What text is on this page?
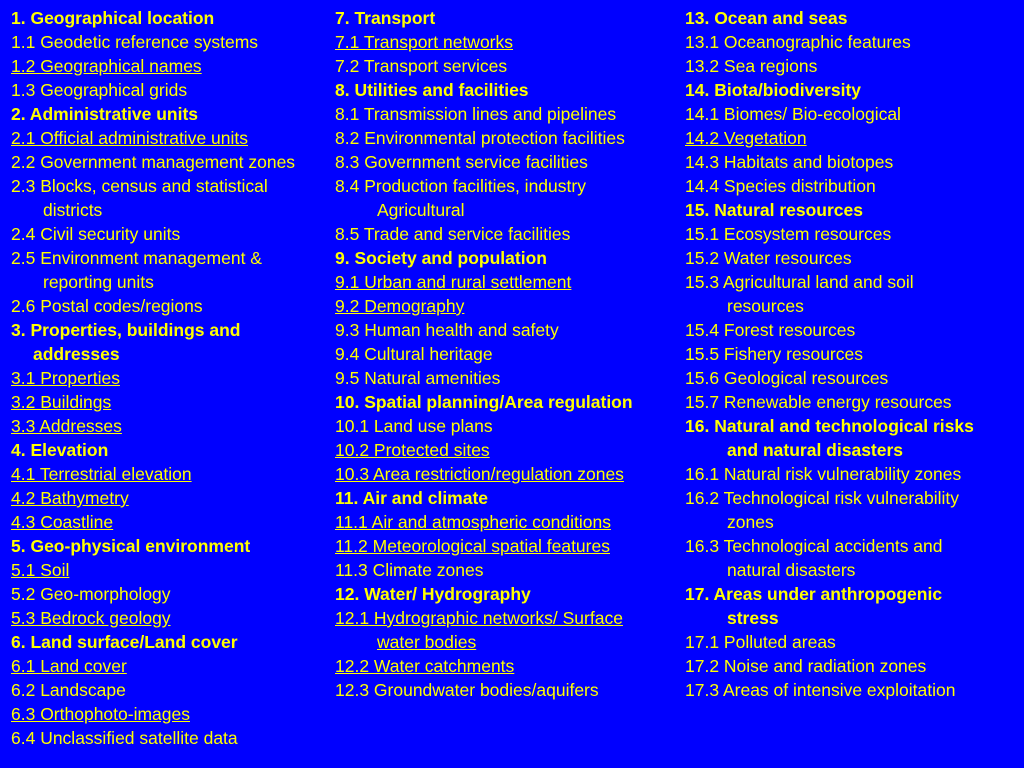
1. Geographical location
1.1 Geodetic reference systems
1.2 Geographical names
1.3 Geographical grids
2. Administrative units
2.1 Official administrative units
2.2 Government management zones
2.3 Blocks, census and statistical
districts
2.4 Civil security units
2.5 Environment management &
reporting units
2.6 Postal codes/regions
3. Properties, buildings and
addresses
3.1 Properties
3.2 Buildings
3.3 Addresses
4. Elevation
4.1 Terrestrial elevation
4.2 Bathymetry
4.3 Coastline
5. Geo-physical environment
5.1 Soil
5.2 Geo-morphology
5.3 Bedrock geology
6. Land surface/Land cover
6.1 Land cover
6.2 Landscape
6.3 Orthophoto-images
6.4 Unclassified satellite data
7. Transport
7.1 Transport networks
7.2 Transport services
8. Utilities and facilities
8.1 Transmission lines and pipelines
8.2 Environmental protection facilities
8.3 Government service facilities
8.4 Production facilities, industry
Agricultural
8.5 Trade and service facilities
9. Society and population
9.1 Urban and rural settlement
9.2 Demography
9.3 Human health and safety
9.4 Cultural heritage
9.5 Natural amenities
10. Spatial planning/Area regulation
10.1 Land use plans
10.2 Protected sites
10.3 Area restriction/regulation zones
11. Air and climate
11.1 Air and atmospheric conditions
11.2 Meteorological spatial features
11.3 Climate zones
12. Water/ Hydrography
12.1 Hydrographic networks/ Surface
water bodies
12.2 Water catchments
12.3 Groundwater bodies/aquifers
13. Ocean and seas
13.1 Oceanographic features
13.2 Sea regions
14. Biota/biodiversity
14.1 Biomes/ Bio-ecological
14.2 Vegetation
14.3 Habitats and biotopes
14.4 Species distribution
15. Natural resources
15.1 Ecosystem resources
15.2 Water resources
15.3 Agricultural land and soil
resources
15.4 Forest resources
15.5 Fishery resources
15.6 Geological resources
15.7 Renewable energy resources
16. Natural and technological risks
and natural disasters
16.1 Natural risk vulnerability zones
16.2 Technological risk vulnerability
zones
16.3 Technological accidents and
natural disasters
17. Areas under anthropogenic
stress
17.1 Polluted areas
17.2 Noise and radiation zones
17.3 Areas of intensive exploitation
